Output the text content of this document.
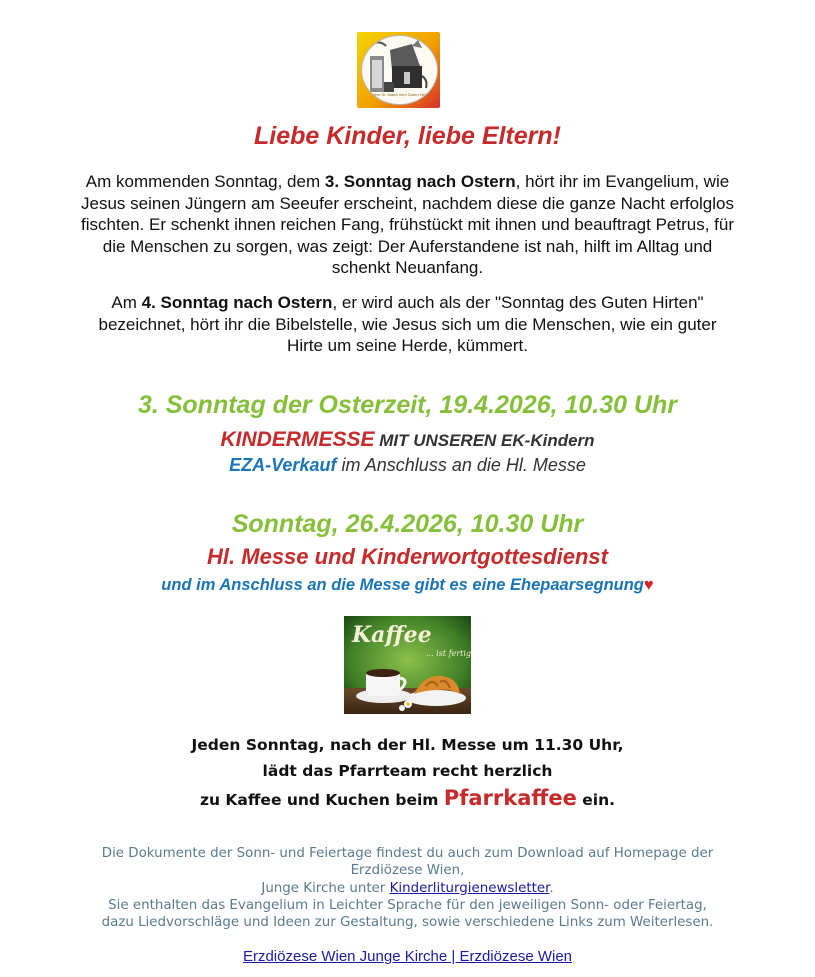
Pfarre St. Maria Vom Guten Hirten
Liebe Kinder, liebe Eltern!
Am kommenden Sonntag, dem 3. Sonntag nach Ostern, hört ihr im Evangelium, wie Jesus seinen Jüngern am Seeufer erscheint, nachdem diese die ganze Nacht erfolglos fischten. Er schenkt ihnen reichen Fang, frühstückt mit ihnen und beauftragt Petrus, für die Menschen zu sorgen, was zeigt: Der Auferstandene ist nah, hilft im Alltag und schenkt Neuanfang.
Am 4. Sonntag nach Ostern, er wird auch als der "Sonntag des Guten Hirten" bezeichnet, hört ihr die Bibelstelle, wie Jesus sich um die Menschen, wie ein guter Hirte um seine Herde, kümmert.
3. Sonntag der Osterzeit, 19.4.2026, 10.30 Uhr
KINDERMESSE MIT UNSEREN EK-Kindern
EZA-Verkauf im Anschluss an die Hl. Messe
Sonntag, 26.4.2026, 10.30 Uhr
Hl. Messe und Kinderwortgottesdienst
und im Anschluss an die Messe gibt es eine Ehepaarsegnung♥
Kaffee
... ist fertig!
Jeden Sonntag, nach der Hl. Messe um 11.30 Uhr,
lädt das Pfarrteam recht herzlich
zu Kaffee und Kuchen beim Pfarrkaffee ein.
Die Dokumente der Sonn- und Feiertage findest du auch zum Download auf Homepage der Erzdiözese Wien,
Junge Kirche unter Kinderliturgienewsletter.
Sie enthalten das Evangelium in Leichter Sprache für den jeweiligen Sonn- oder Feiertag, dazu Liedvorschläge und Ideen zur Gestaltung, sowie verschiedene Links zum Weiterlesen.
Erzdiözese Wien Junge Kirche | Erzdiözese Wien
